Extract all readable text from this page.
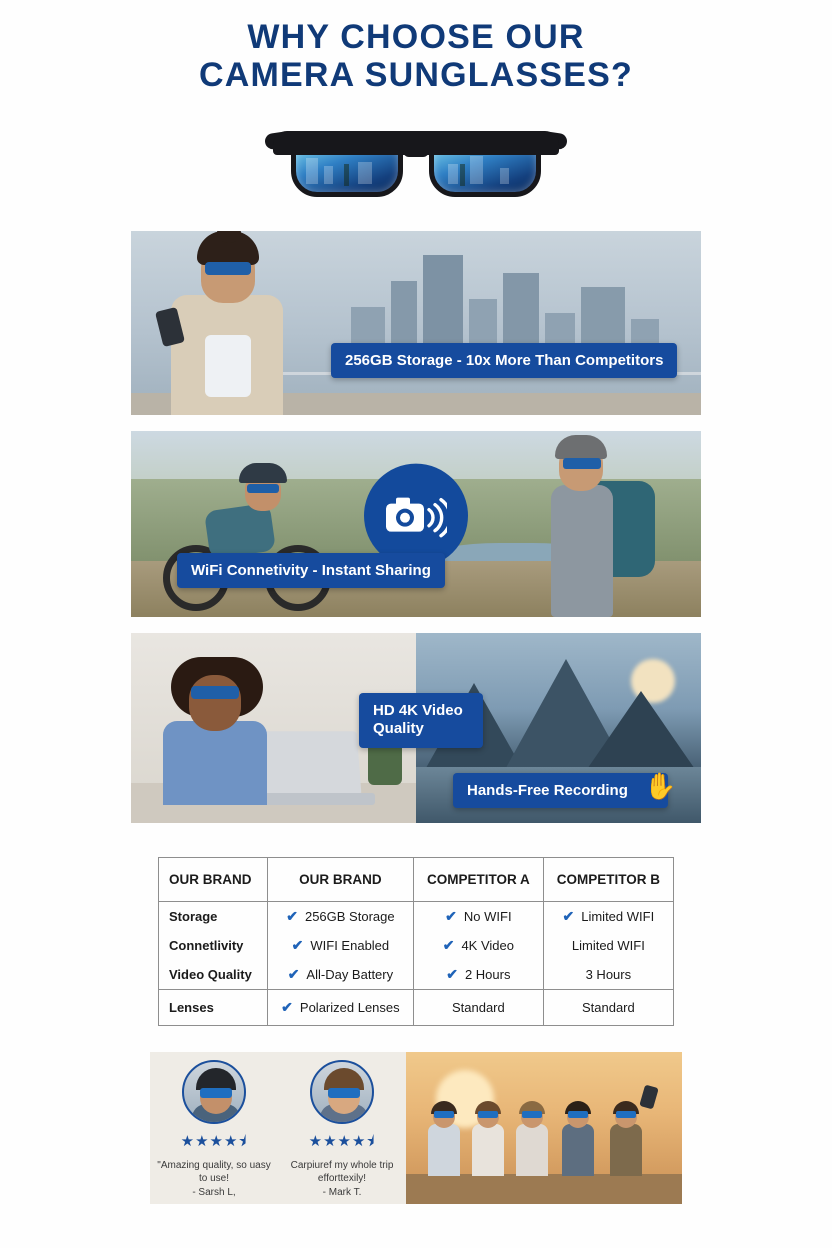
WHY CHOOSE OUR
CAMERA SUNGLASSES?
256GB Storage - 10x More Than Competitors
WiFi Connetivity - Instant Sharing
HD 4K Video Quality
Hands-Free Recording ✋
OUR BRAND	OUR BRAND	COMPETITOR A	COMPETITOR B
Storage	✔ 256GB Storage	✔ No WIFI	✔ Limited WIFI

Connetlivity	✔ WIFI Enabled	✔ 4K Video	Limited WIFI

Video Quality	✔ All-Day Battery	✔ 2 Hours	3 Hours

Lenses	✔ Polarized Lenses	Standard	Standard
★★★★⯨
"Amazing quality, so uasy to use!
- Sarsh L,
★★★★⯨
Carpiuref my whole trip efforttexily!
- Mark T.
